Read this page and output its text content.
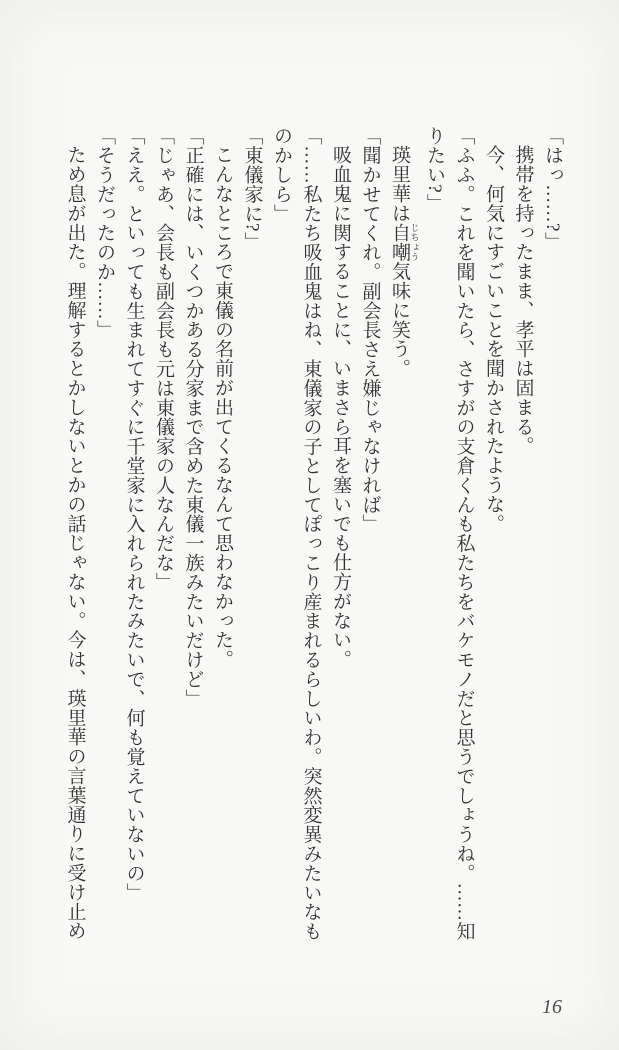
「はっ……?」

携帯を持ったまま、孝平は固まる。

今、何気にすごいことを聞かされたような。

「ふふ。これを聞いたら、さすがの支倉くんも私たちをバケモノだと思うでしょうね。……知

りたい?」

瑛里華は自嘲 じちょう気味に笑う。

「聞かせてくれ。副会長さえ嫌じゃなければ」

吸血鬼に関することに、いまさら耳を塞いでも仕方がない。

「……私たち吸血鬼はね、東儀家の子としてぽっこり産まれるらしいわ。突然変異みたいなも

のかしら」

「東儀家に?」

こんなところで東儀の名前が出てくるなんて思わなかった。

「正確には、いくつかある分家まで含めた東儀一族みたいだけど」

「じゃあ、会長も副会長も元は東儀家の人なんだな」

「ええ。といっても生まれてすぐに千堂家に入れられたみたいで、何も覚えていないの」

「そうだったのか……」

ため息が出た。理解するとかしないとかの話じゃない。今は、瑛里華の言葉通りに受け止め

16
